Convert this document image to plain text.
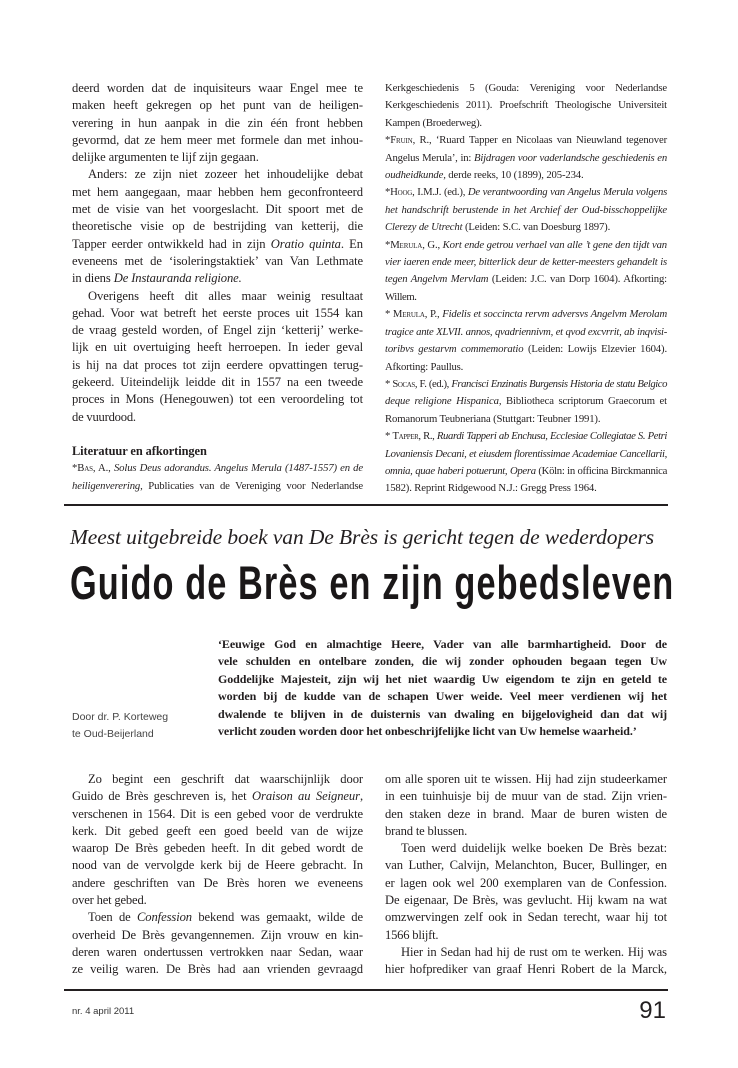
deerd worden dat de inquisiteurs waar Engel mee te
maken heeft gekregen op het punt van de heiligen-
verering in hun aanpak in die zin één front hebben
gevormd, dat ze hem meer met formele dan met inhou-
delijke argumenten te lijf zijn gegaan.
Anders: ze zijn niet zozeer het inhoudelijke debat
met hem aangegaan, maar hebben hem geconfronteerd
met de visie van het voorgeslacht. Dit spoort met de
theoretische visie op de bestrijding van ketterij, die
Tapper eerder ontwikkeld had in zijn Oratio quinta. En
eveneens met de ‘isoleringstaktiek’ van Van Lethmate
in diens De Instauranda religione.
Overigens heeft dit alles maar weinig resultaat
gehad. Voor wat betreft het eerste proces uit 1554 kan
de vraag gesteld worden, of Engel zijn ‘ketterij’ werke-
lijk en uit overtuiging heeft herroepen. In ieder geval
is hij na dat proces tot zijn eerdere opvattingen terug-
gekeerd. Uiteindelijk leidde dit in 1557 na een tweede
proces in Mons (Henegouwen) tot een veroordeling tot
de vuurdood.
Literatuur en afkortingen
*Bas, A., Solus Deus adorandus. Angelus Merula (1487-1557) en de
heiligenverering, Publicaties van de Vereniging voor Nederlandse
Kerkgeschiedenis 5 (Gouda: Vereniging voor Nederlandse
Kerkgeschiedenis 2011). Proefschrift Theologische Universiteit
Kampen (Broederweg).
*Fruin, R., ‘Ruard Tapper en Nicolaas van Nieuwland tegenover
Angelus Merula’, in: Bijdragen voor vaderlandsche geschiedenis en
oudheidkunde, derde reeks, 10 (1899), 205-234.
*Hoog, I.M.J. (ed.), De verantwoording van Angelus Merula volgens
het handschrift berustende in het Archief der Oud-bisschoppelijke
Clerezy de Utrecht (Leiden: S.C. van Doesburg 1897).
*Merula, G., Kort ende getrou verhael van alle ’t gene den tijdt van
vier iaeren ende meer, bitterlick deur de ketter-meesters gehandelt is
tegen Angelvm Mervlam (Leiden: J.C. van Dorp 1604). Afkorting:
Willem.
* Merula, P., Fidelis et soccincta rervm adversvs Angelvm Merolam
tragice ante XLVII. annos, qvadriennivm, et qvod excvrrit, ab inqvisi-
toribvs gestarvm commemoratio (Leiden: Lowijs Elzevier 1604).
Afkorting: Paullus.
* Socas, F. (ed.), Francisci Enzinatis Burgensis Historia de statu Belgico
deque religione Hispanica, Bibliotheca scriptorum Graecorum et
Romanorum Teubneriana (Stuttgart: Teubner 1991).
* Tapper, R., Ruardi Tapperi ab Enchusa, Ecclesiae Collegiatae S. Petri
Lovaniensis Decani, et eiusdem florentissimae Academiae Cancellarii,
omnia, quae haberi potuerunt, Opera (Köln: in officina Birckmannica
1582). Reprint Ridgewood N.J.: Gregg Press 1964.
Meest uitgebreide boek van De Brès is gericht tegen de wederdopers
Guido de Brès en zijn gebedsleven
Door dr. P. Korteweg
te Oud-Beijerland
‘Eeuwige God en almachtige Heere, Vader van alle barmhartigheid. Door de
vele schulden en ontelbare zonden, die wij zonder ophouden begaan tegen Uw
Goddelijke Majesteit, zijn wij het niet waardig Uw eigendom te zijn en geteld te
worden bij de kudde van de schapen Uwer weide. Veel meer verdienen wij het
dwalende te blijven in de duisternis van dwaling en bijgelovigheid dan dat wij
verlicht zouden worden door het onbeschrijfelijke licht van Uw hemelse waarheid.’
Zo begint een geschrift dat waarschijnlijk door
Guido de Brès geschreven is, het Oraison au Seigneur,
verschenen in 1564. Dit is een gebed voor de verdrukte
kerk. Dit gebed geeft een goed beeld van de wijze
waarop De Brès gebeden heeft. In dit gebed wordt de
nood van de vervolgde kerk bij de Heere gebracht. In
andere geschriften van De Brès horen we eveneens
over het gebed.
Toen de Confession bekend was gemaakt, wilde de
overheid De Brès gevangennemen. Zijn vrouw en kin-
deren waren ondertussen vertrokken naar Sedan, waar
ze veilig waren. De Brès had aan vrienden gevraagd
om alle sporen uit te wissen. Hij had zijn studeerkamer
in een tuinhuisje bij de muur van de stad. Zijn vrien-
den staken deze in brand. Maar de buren wisten de
brand te blussen.
Toen werd duidelijk welke boeken De Brès bezat:
van Luther, Calvijn, Melanchton, Bucer, Bullinger, en
er lagen ook wel 200 exemplaren van de Confession.
De eigenaar, De Brès, was gevlucht. Hij kwam na wat
omzwervingen zelf ook in Sedan terecht, waar hij tot
1566 blijft.
Hier in Sedan had hij de rust om te werken. Hij was
hier hofprediker van graaf Henri Robert de la Marck,
nr. 4 april 2011	91
